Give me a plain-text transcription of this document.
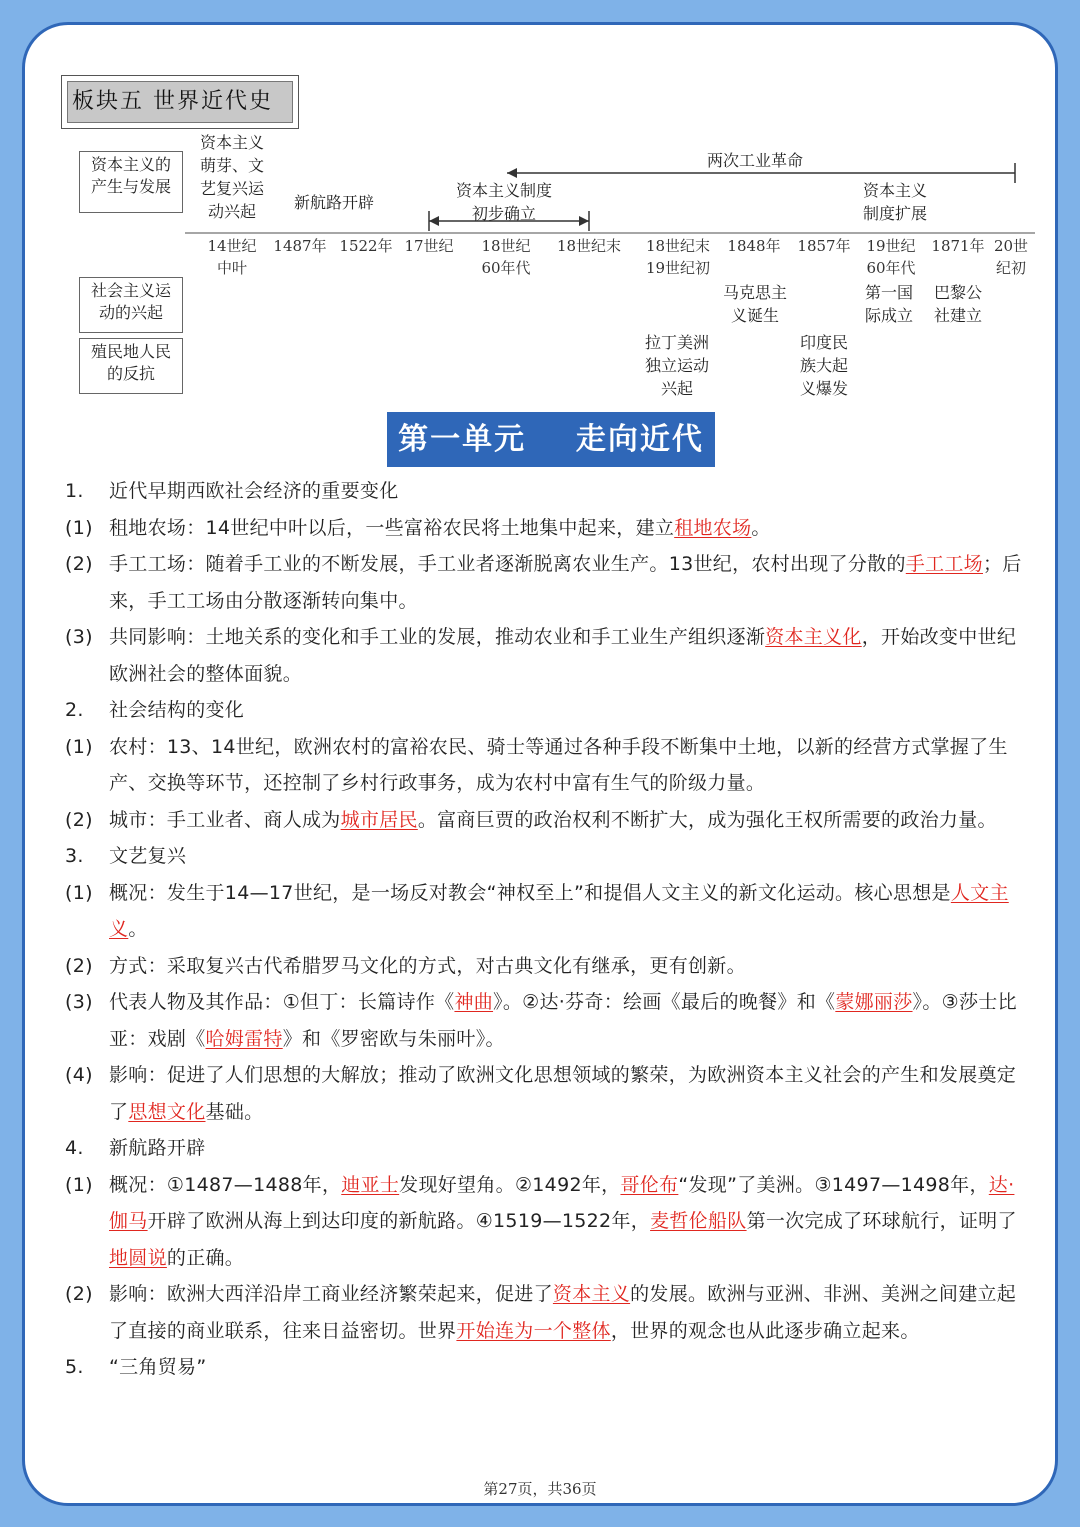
板块五 世界近代史
资本主义的
产生与发展
社会主义运
动的兴起
殖民地人民
的反抗
资本主义
萌芽、文
艺复兴运
动兴起	新航路开辟
资本主义制度
初步确立
两次工业革命
资本主义
制度扩展
14世纪
中叶
1487年 1522年 17世纪	18世纪
60年代
18世纪末	18世纪末
19世纪初
1848年 1857年	19世纪
60年代
1871年 20世
纪初
马克思主
义诞生
第一国
际成立
巴黎公
社建立
拉丁美洲
独立运动
兴起
印度民
族大起
义爆发
第一单元    走向近代
1. 近代早期西欧社会经济的重要变化
(1) 租地农场：14世纪中叶以后，一些富裕农民将土地集中起来，建立租地农场。
(2) 手工工场：随着手工业的不断发展，手工业者逐渐脱离农业生产。13世纪，农村出现了分散的手工工场；后来，手工工场由分散逐渐转向集中。
(3) 共同影响：土地关系的变化和手工业的发展，推动农业和手工业生产组织逐渐资本主义化，开始改变中世纪欧洲社会的整体面貌。
2. 社会结构的变化
(1) 农村：13、14世纪，欧洲农村的富裕农民、骑士等通过各种手段不断集中土地，以新的经营方式掌握了生产、交换等环节，还控制了乡村行政事务，成为农村中富有生气的阶级力量。
(2) 城市：手工业者、商人成为城市居民。富商巨贾的政治权利不断扩大，成为强化王权所需要的政治力量。
3. 文艺复兴
(1) 概况：发生于14—17世纪，是一场反对教会“神权至上”和提倡人文主义的新文化运动。核心思想是人文主义。
(2) 方式：采取复兴古代希腊罗马文化的方式，对古典文化有继承，更有创新。
(3) 代表人物及其作品：①但丁：长篇诗作《神曲》。②达·芬奇：绘画《最后的晚餐》和《蒙娜丽莎》。③莎士比亚：戏剧《哈姆雷特》和《罗密欧与朱丽叶》。
(4) 影响：促进了人们思想的大解放；推动了欧洲文化思想领域的繁荣，为欧洲资本主义社会的产生和发展奠定了思想文化基础。
4. 新航路开辟
(1) 概况：①1487—1488年，迪亚士发现好望角。②1492年，哥伦布“发现”了美洲。③1497—1498年，达·伽马开辟了欧洲从海上到达印度的新航路。④1519—1522年，麦哲伦船队第一次完成了环球航行，证明了地圆说的正确。
(2) 影响：欧洲大西洋沿岸工商业经济繁荣起来，促进了资本主义的发展。欧洲与亚洲、非洲、美洲之间建立起了直接的商业联系，往来日益密切。世界开始连为一个整体，世界的观念也从此逐步确立起来。
5. “三角贸易”
第27页，共36页
